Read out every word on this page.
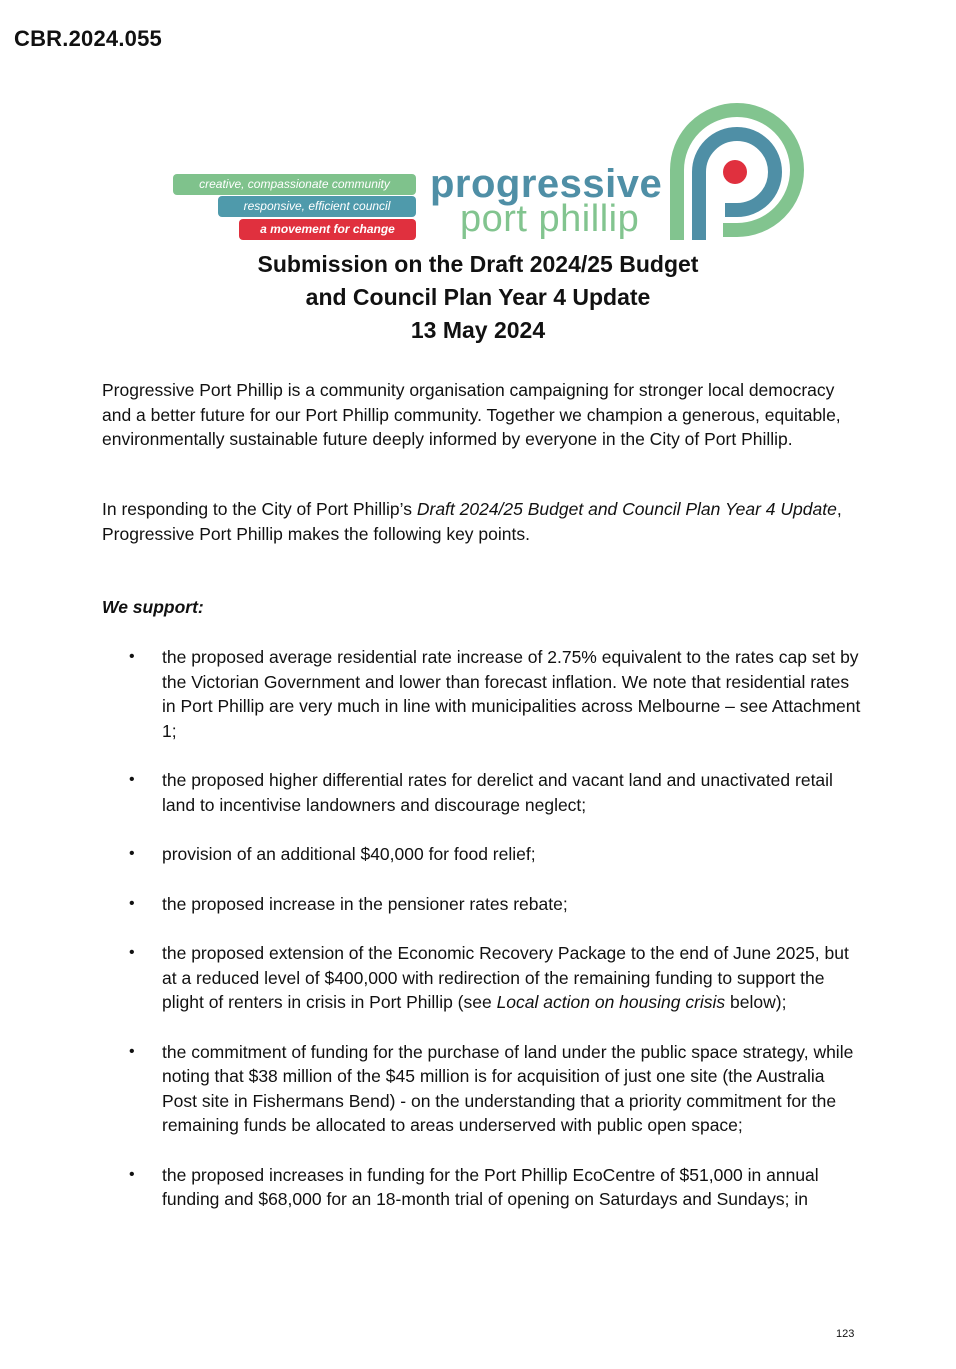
CBR.2024.055
creative, compassionate community
responsive, efficient council
a movement for change
progressive
port phillip
Submission on the Draft 2024/25 Budget
and Council Plan Year 4 Update
13 May 2024
Progressive Port Phillip is a community organisation campaigning for stronger local democracy and a better future for our Port Phillip community. Together we champion a generous, equitable, environmentally sustainable future deeply informed by everyone in the City of Port Phillip.
In responding to the City of Port Phillip’s Draft 2024/25 Budget and Council Plan Year 4 Update, Progressive Port Phillip makes the following key points.
We support:
• the proposed average residential rate increase of 2.75% equivalent to the rates cap set by the Victorian Government and lower than forecast inflation. We note that residential rates in Port Phillip are very much in line with municipalities across Melbourne – see Attachment 1;
• the proposed higher differential rates for derelict and vacant land and unactivated retail land to incentivise landowners and discourage neglect;
• provision of an additional $40,000 for food relief;
• the proposed increase in the pensioner rates rebate;
• the proposed extension of the Economic Recovery Package to the end of June 2025, but at a reduced level of $400,000 with redirection of the remaining funding to support the plight of renters in crisis in Port Phillip (see Local action on housing crisis below);
• the commitment of funding for the purchase of land under the public space strategy, while noting that $38 million of the $45 million is for acquisition of just one site (the Australia Post site in Fishermans Bend) - on the understanding that a priority commitment for the remaining funds be allocated to areas underserved with public open space;
• the proposed increases in funding for the Port Phillip EcoCentre of $51,000 in annual funding and $68,000 for an 18-month trial of opening on Saturdays and Sundays; in
123
